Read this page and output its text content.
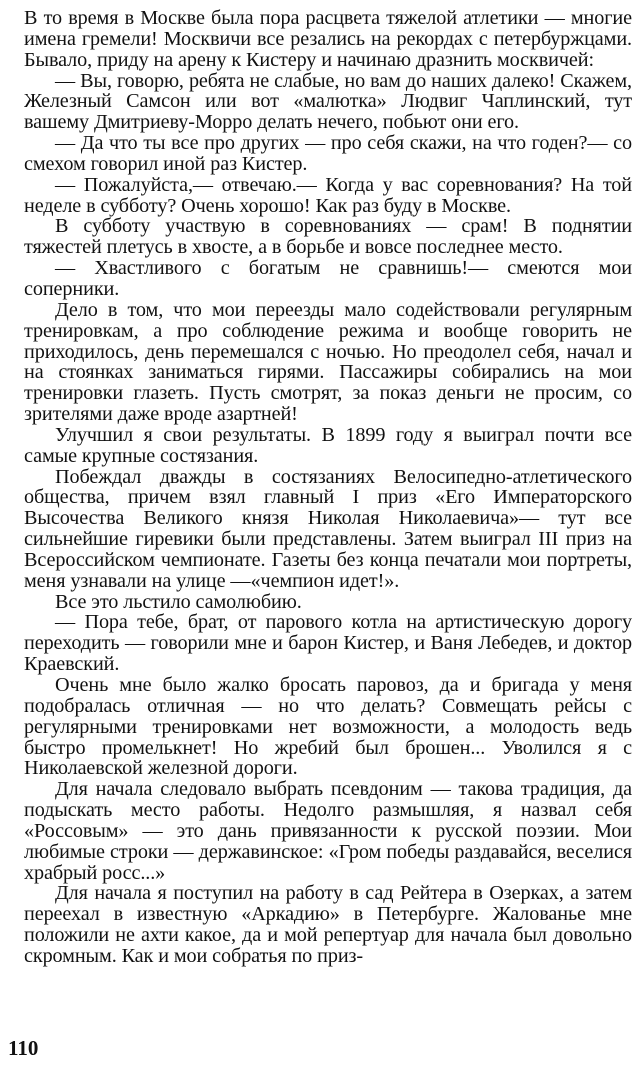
В то время в Москве была пора расцвета тяжелой атлетики — многие имена гремели! Москвичи все резались на рекордах с петербуржцами. Бывало, приду на арену к Кистеру и начинаю дразнить москвичей:

— Вы, говорю, ребята не слабые, но вам до наших далеко! Скажем, Железный Самсон или вот «малютка» Людвиг Чаплинский, тут вашему Дмитриеву-Морро делать нечего, побьют они его.

— Да что ты все про других — про себя скажи, на что годен?— со смехом говорил иной раз Кистер.

— Пожалуйста,— отвечаю.— Когда у вас соревнования? На той неделе в субботу? Очень хорошо! Как раз буду в Москве.

В субботу участвую в соревнованиях — срам! В поднятии тяжестей плетусь в хвосте, а в борьбе и вовсе последнее место.

— Хвастливого с богатым не сравнишь!— смеются мои соперники.

Дело в том, что мои переезды мало содействовали регулярным тренировкам, а про соблюдение режима и вообще говорить не приходилось, день перемешался с ночью. Но преодолел себя, начал и на стоянках заниматься гирями. Пассажиры собирались на мои тренировки глазеть. Пусть смотрят, за показ деньги не просим, со зрителями даже вроде азартней!

Улучшил я свои результаты. В 1899 году я выиграл почти все самые крупные состязания.

Побеждал дважды в состязаниях Велосипедно-атлетического общества, причем взял главный I приз «Его Императорского Высочества Великого князя Николая Николаевича»— тут все сильнейшие гиревики были представлены. Затем выиграл III приз на Всероссийском чемпионате. Газеты без конца печатали мои портреты, меня узнавали на улице —«чемпион идет!».

Все это льстило самолюбию.

— Пора тебе, брат, от парового котла на артистическую дорогу переходить — говорили мне и барон Кистер, и Ваня Лебедев, и доктор Краевский.

Очень мне было жалко бросать паровоз, да и бригада у меня подобралась отличная — но что делать? Совмещать рейсы с регулярными тренировками нет возможности, а молодость ведь быстро промелькнет! Но жребий был брошен... Уволился я с Николаевской железной дороги.

Для начала следовало выбрать псевдоним — такова традиция, да подыскать место работы. Недолго размышляя, я назвал себя «Россовым» — это дань привязанности к русской поэзии. Мои любимые строки — державинское: «Гром победы раздавайся, веселися храбрый росс...»

Для начала я поступил на работу в сад Рейтера в Озерках, а затем переехал в известную «Аркадию» в Петербурге. Жалованье мне положили не ахти какое, да и мой репертуар для начала был довольно скромным. Как и мои собратья по приз-

110
